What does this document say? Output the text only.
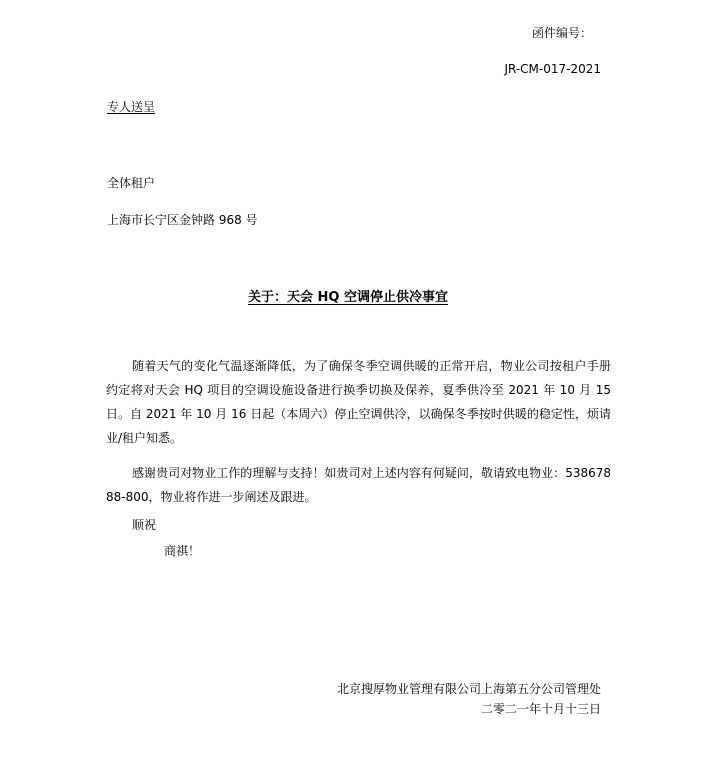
函件编号：
JR-CM-017-2021
专人送呈
全体租户
上海市长宁区金钟路 968 号
关于：天会 HQ 空调停止供冷事宜
随着天气的变化气温逐渐降低，为了确保冬季空调供暖的正常开启，物业公司按租户手册约定将对天会 HQ 项目的空调设施设备进行换季切换及保养，夏季供冷至 2021 年 10 月 15 日。自 2021 年 10 月 16 日起（本周六）停止空调供冷，以确保冬季按时供暖的稳定性，烦请业/租户知悉。
感谢贵司对物业工作的理解与支持！如贵司对上述内容有何疑问，敬请致电物业：53867888-800，物业将作进一步阐述及跟进。
顺祝
商祺！
北京搜厚物业管理有限公司上海第五分公司管理处
二零二一年十月十三日
